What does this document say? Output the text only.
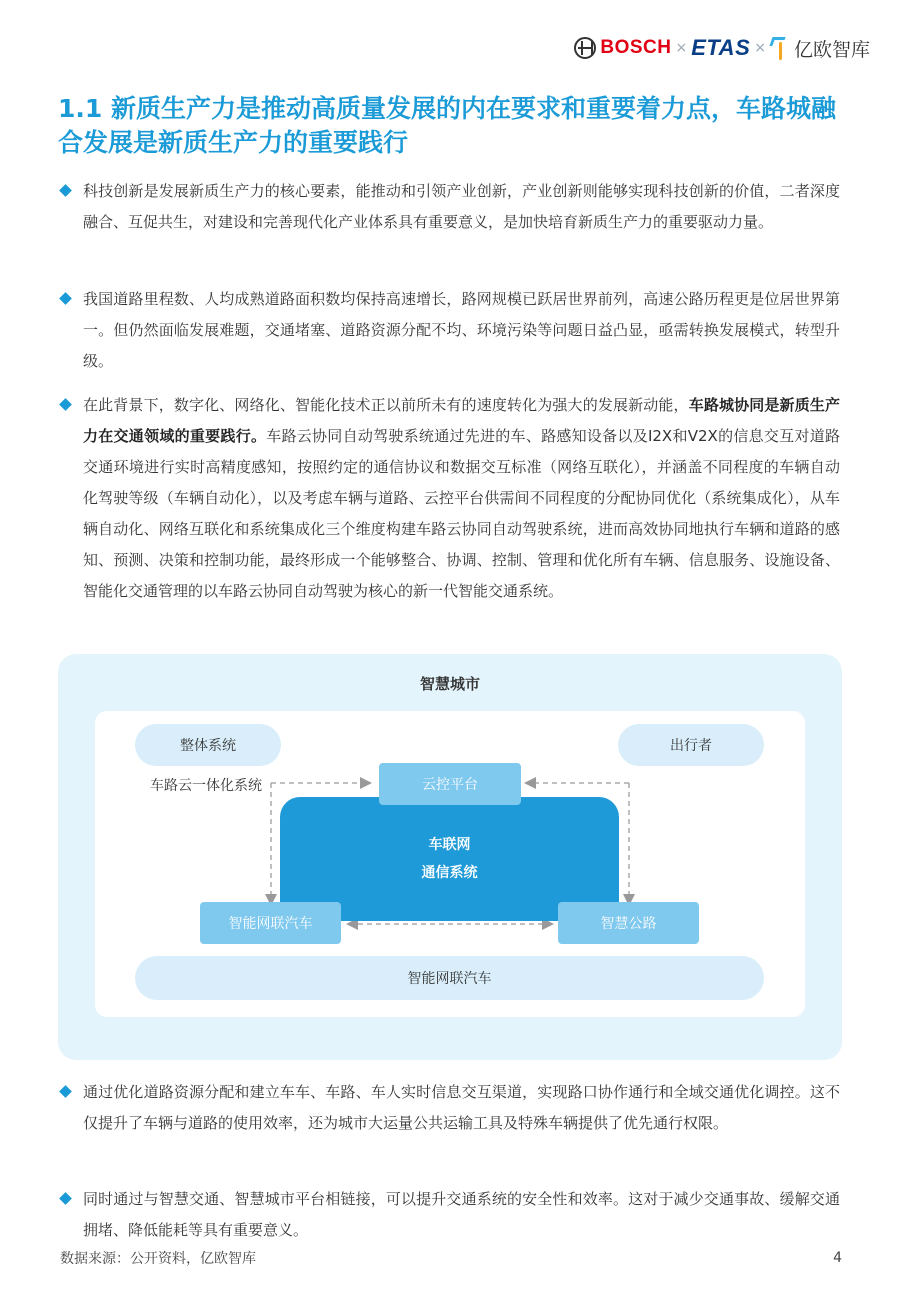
BOSCH × ETAS × 亿欧智库
1.1 新质生产力是推动高质量发展的内在要求和重要着力点，车路城融合发展是新质生产力的重要践行
科技创新是发展新质生产力的核心要素，能推动和引领产业创新，产业创新则能够实现科技创新的价值，二者深度融合、互促共生，对建设和完善现代化产业体系具有重要意义，是加快培育新质生产力的重要驱动力量。
我国道路里程数、人均成熟道路面积数均保持高速增长，路网规模已跃居世界前列，高速公路历程更是位居世界第一。但仍然面临发展难题，交通堵塞、道路资源分配不均、环境污染等问题日益凸显，亟需转换发展模式，转型升级。
在此背景下，数字化、网络化、智能化技术正以前所未有的速度转化为强大的发展新动能，车路城协同是新质生产力在交通领域的重要践行。车路云协同自动驾驶系统通过先进的车、路感知设备以及I2X和V2X的信息交互对道路交通环境进行实时高精度感知，按照约定的通信协议和数据交互标准（网络互联化），并涵盖不同程度的车辆自动化驾驶等级（车辆自动化），以及考虑车辆与道路、云控平台供需间不同程度的分配协同优化（系统集成化），从车辆自动化、网络互联化和系统集成化三个维度构建车路云协同自动驾驶系统，进而高效协同地执行车辆和道路的感知、预测、决策和控制功能，最终形成一个能够整合、协调、控制、管理和优化所有车辆、信息服务、设施设备、智能化交通管理的以车路云协同自动驾驶为核心的新一代智能交通系统。
智慧城市
整体系统	出行者
车路云一体化系统
车联网
通信系统
云控平台
智能网联汽车	智慧公路
智能网联汽车
通过优化道路资源分配和建立车车、车路、车人实时信息交互渠道，实现路口协作通行和全域交通优化调控。这不仅提升了车辆与道路的使用效率，还为城市大运量公共运输工具及特殊车辆提供了优先通行权限。
同时通过与智慧交通、智慧城市平台相链接，可以提升交通系统的安全性和效率。这对于减少交通事故、缓解交通拥堵、降低能耗等具有重要意义。
数据来源：公开资料，亿欧智库	4
